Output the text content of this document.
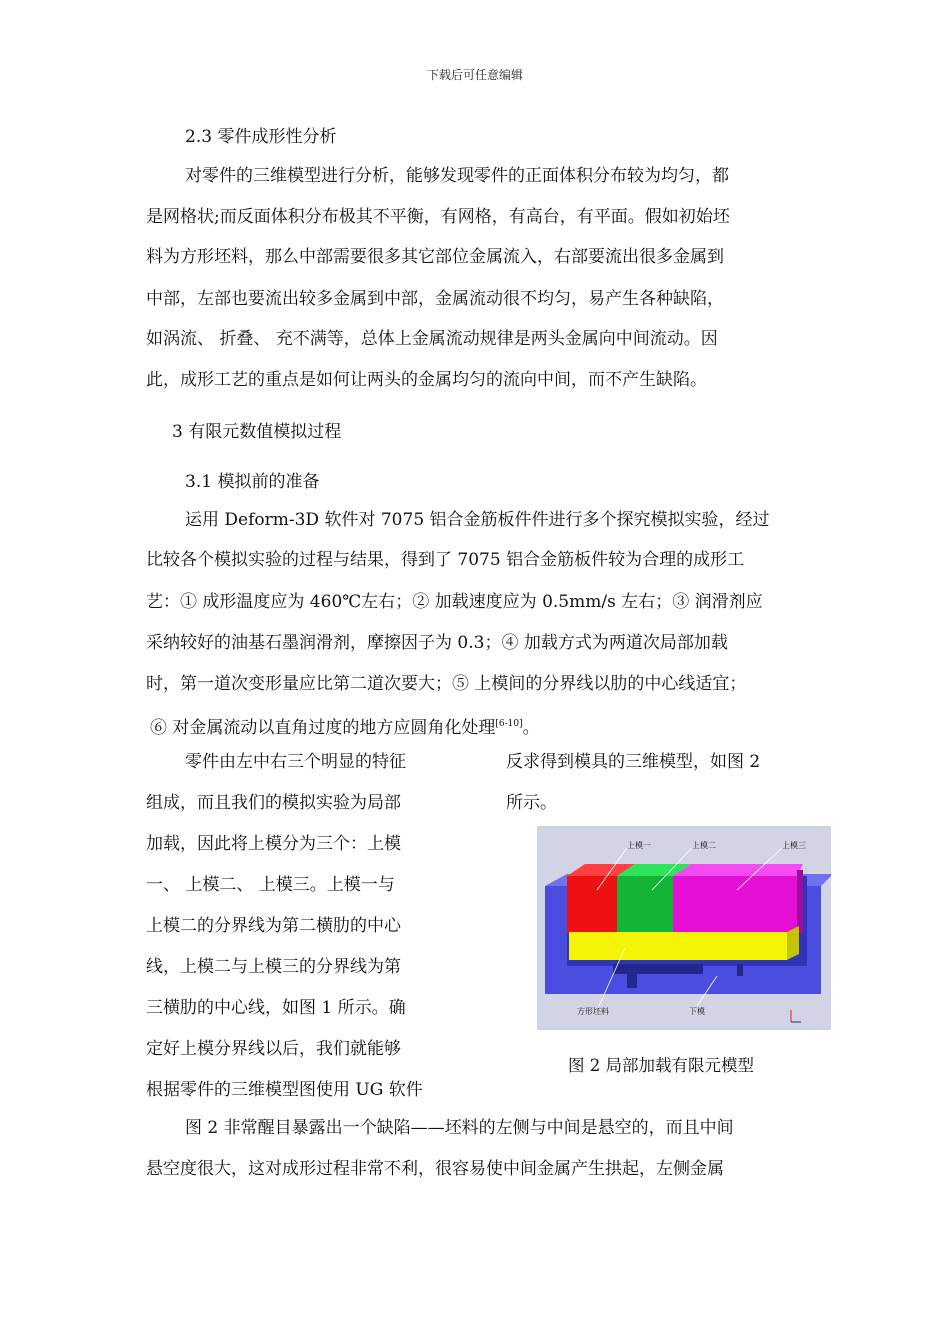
下载后可任意编辑
2.3 零件成形性分析
对零件的三维模型进行分析，能够发现零件的正面体积分布较为均匀，都
是网格状;而反面体积分布极其不平衡，有网格，有高台，有平面。假如初始坯
料为方形坯料，那么中部需要很多其它部位金属流入，右部要流出很多金属到
中部，左部也要流出较多金属到中部，金属流动很不均匀，易产生各种缺陷，
如涡流、 折叠、 充不满等，总体上金属流动规律是两头金属向中间流动。因
此，成形工艺的重点是如何让两头的金属均匀的流向中间，而不产生缺陷。
3 有限元数值模拟过程
3.1 模拟前的准备
运用 Deform-3D 软件对 7075 铝合金筋板件件进行多个探究模拟实验，经过
比较各个模拟实验的过程与结果，得到了 7075 铝合金筋板件较为合理的成形工
艺：① 成形温度应为 460℃左右；② 加载速度应为 0.5mm/s 左右；③ 润滑剂应
采纳较好的油基石墨润滑剂，摩擦因子为 0.3；④ 加载方式为两道次局部加载
时，第一道次变形量应比第二道次要大；⑤ 上模间的分界线以肋的中心线适宜；
⑥ 对金属流动以直角过度的地方应圆角化处理[6-10]。
零件由左中右三个明显的特征
组成，而且我们的模拟实验为局部
加载，因此将上模分为三个：上模
一、 上模二、 上模三。上模一与
上模二的分界线为第二横肋的中心
线，上模二与上模三的分界线为第
三横肋的中心线，如图 1 所示。确
定好上模分界线以后，我们就能够
根据零件的三维模型图使用 UG 软件
反求得到模具的三维模型，如图 2
所示。
上模一	上模二	上模三
方形坯料	下模
图 2 局部加载有限元模型
图 2 非常醒目暴露出一个缺陷——坯料的左侧与中间是悬空的，而且中间
悬空度很大，这对成形过程非常不利，很容易使中间金属产生拱起，左侧金属
